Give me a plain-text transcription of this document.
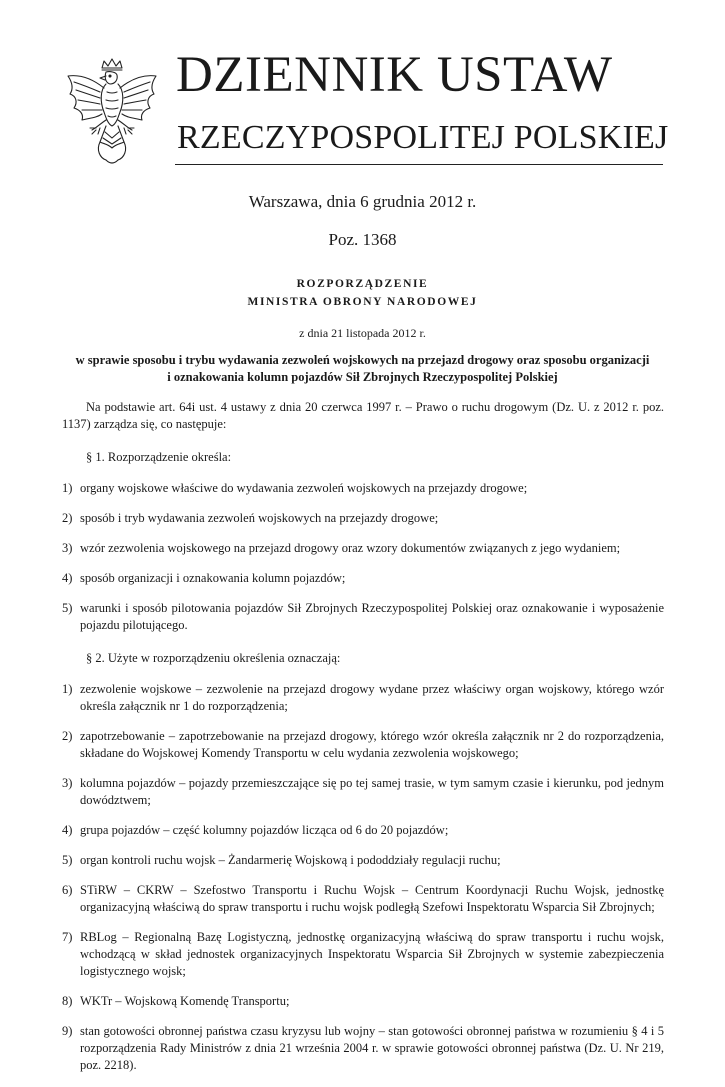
DZIENNIK USTAW
RZECZYPOSPOLITEJ POLSKIEJ
Warszawa, dnia 6 grudnia 2012 r.
Poz. 1368
ROZPORZĄDZENIE
MINISTRA OBRONY NARODOWEJ
z dnia 21 listopada 2012 r.
w sprawie sposobu i trybu wydawania zezwoleń wojskowych na przejazd drogowy oraz sposobu organizacji
i oznakowania kolumn pojazdów Sił Zbrojnych Rzeczypospolitej Polskiej

Na podstawie art. 64i ust. 4 ustawy z dnia 20 czerwca 1997 r. – Prawo o ruchu drogowym (Dz. U. z 2012 r. poz. 1137) zarządza się, co następuje:

§ 1. Rozporządzenie określa:

1) organy wojskowe właściwe do wydawania zezwoleń wojskowych na przejazdy drogowe;
2) sposób i tryb wydawania zezwoleń wojskowych na przejazdy drogowe;
3) wzór zezwolenia wojskowego na przejazd drogowy oraz wzory dokumentów związanych z jego wydaniem;
4) sposób organizacji i oznakowania kolumn pojazdów;
5) warunki i sposób pilotowania pojazdów Sił Zbrojnych Rzeczypospolitej Polskiej oraz oznakowanie i wyposażenie pojazdu pilotującego.

§ 2. Użyte w rozporządzeniu określenia oznaczają:

1) zezwolenie wojskowe – zezwolenie na przejazd drogowy wydane przez właściwy organ wojskowy, którego wzór określa załącznik nr 1 do rozporządzenia;
2) zapotrzebowanie – zapotrzebowanie na przejazd drogowy, którego wzór określa załącznik nr 2 do rozporządzenia, składane do Wojskowej Komendy Transportu w celu wydania zezwolenia wojskowego;
3) kolumna pojazdów – pojazdy przemieszczające się po tej samej trasie, w tym samym czasie i kierunku, pod jednym dowództwem;
4) grupa pojazdów – część kolumny pojazdów licząca od 6 do 20 pojazdów;
5) organ kontroli ruchu wojsk – Żandarmerię Wojskową i pododdziały regulacji ruchu;
6) STiRW – CKRW – Szefostwo Transportu i Ruchu Wojsk – Centrum Koordynacji Ruchu Wojsk, jednostkę organizacyjną właściwą do spraw transportu i ruchu wojsk podległą Szefowi Inspektoratu Wsparcia Sił Zbrojnych;
7) RBLog – Regionalną Bazę Logistyczną, jednostkę organizacyjną właściwą do spraw transportu i ruchu wojsk, wchodzącą w skład jednostek organizacyjnych Inspektoratu Wsparcia Sił Zbrojnych w systemie zabezpieczenia logistycznego wojsk;
8) WKTr – Wojskową Komendę Transportu;
9) stan gotowości obronnej państwa czasu kryzysu lub wojny – stan gotowości obronnej państwa w rozumieniu § 4 i 5 rozporządzenia Rady Ministrów z dnia 21 września 2004 r. w sprawie gotowości obronnej państwa (Dz. U. Nr 219, poz. 2218).
